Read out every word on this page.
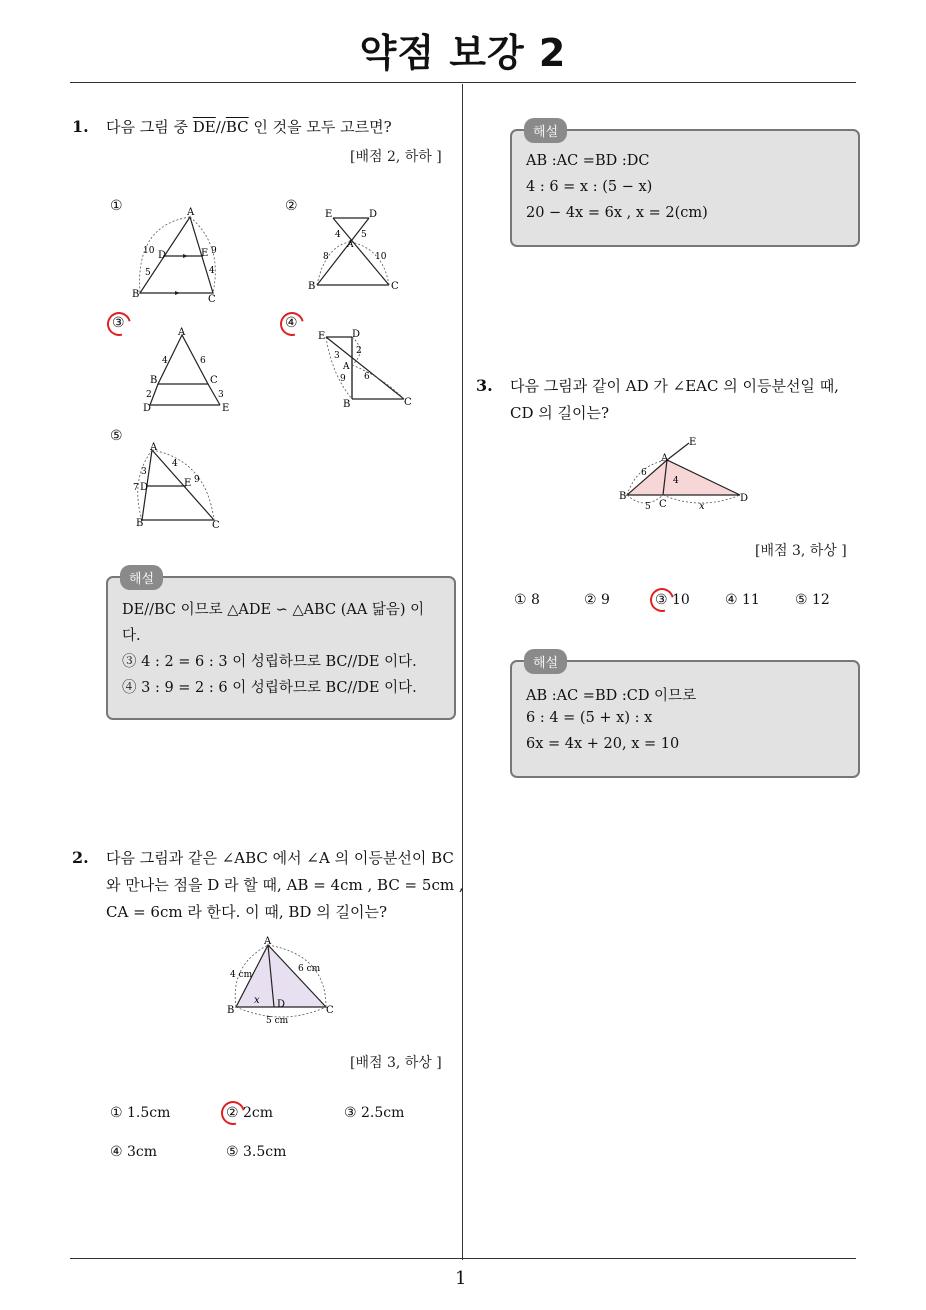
약점 보강 2
1
1. 다음 그림 중 $\overline{DE}//\overline{BC}$ 인 것을 모두 고르면?
[배점 2, 하하 ]
①	②
③	④
⑤
A
B	C
D	E
10
5
9
4
E	D
A
B	C
4 5
8	10
A
B	C
D	E
4	6
2	3
E	D
A
B	C
3 2
9 6
A
B	C
D	E
3
7
4
9
해설
DE//BC 이므로 △ADE ∽ △ABC (AA 닮음) 이
다.
③ 4 : 2 = 6 : 3 이 성립하므로 BC//DE 이다.
④ 3 : 9 = 2 : 6 이 성립하므로 BC//DE 이다.
2. 다음 그림과 같은 ∠ABC 에서 ∠A 의 이등분선이 BC
와 만나는 점을 D 라 할 때, AB = 4cm , BC = 5cm ,
CA = 6cm 라 한다. 이 때, BD 의 길이는?
A
B	C
D
4 cm
6 cm
5 cm
x
[배점 3, 하상 ]
① 1.5cm	② 2cm	③ 2.5cm
④ 3cm	⑤ 3.5cm
해설
AB :AC =BD :DC
4 : 6 = x : (5 − x)
20 − 4x = 6x , x = 2(cm)
3. 다음 그림과 같이 AD 가 ∠EAC 의 이등분선일 때,
CD 의 길이는?
A
B
C
D
E
6
4
5	x
[배점 3, 하상 ]
① 8	② 9	③ 10	④ 11	⑤ 12
해설
AB :AC =BD :CD 이므로
6 : 4 = (5 + x) : x
6x = 4x + 20, x = 10
